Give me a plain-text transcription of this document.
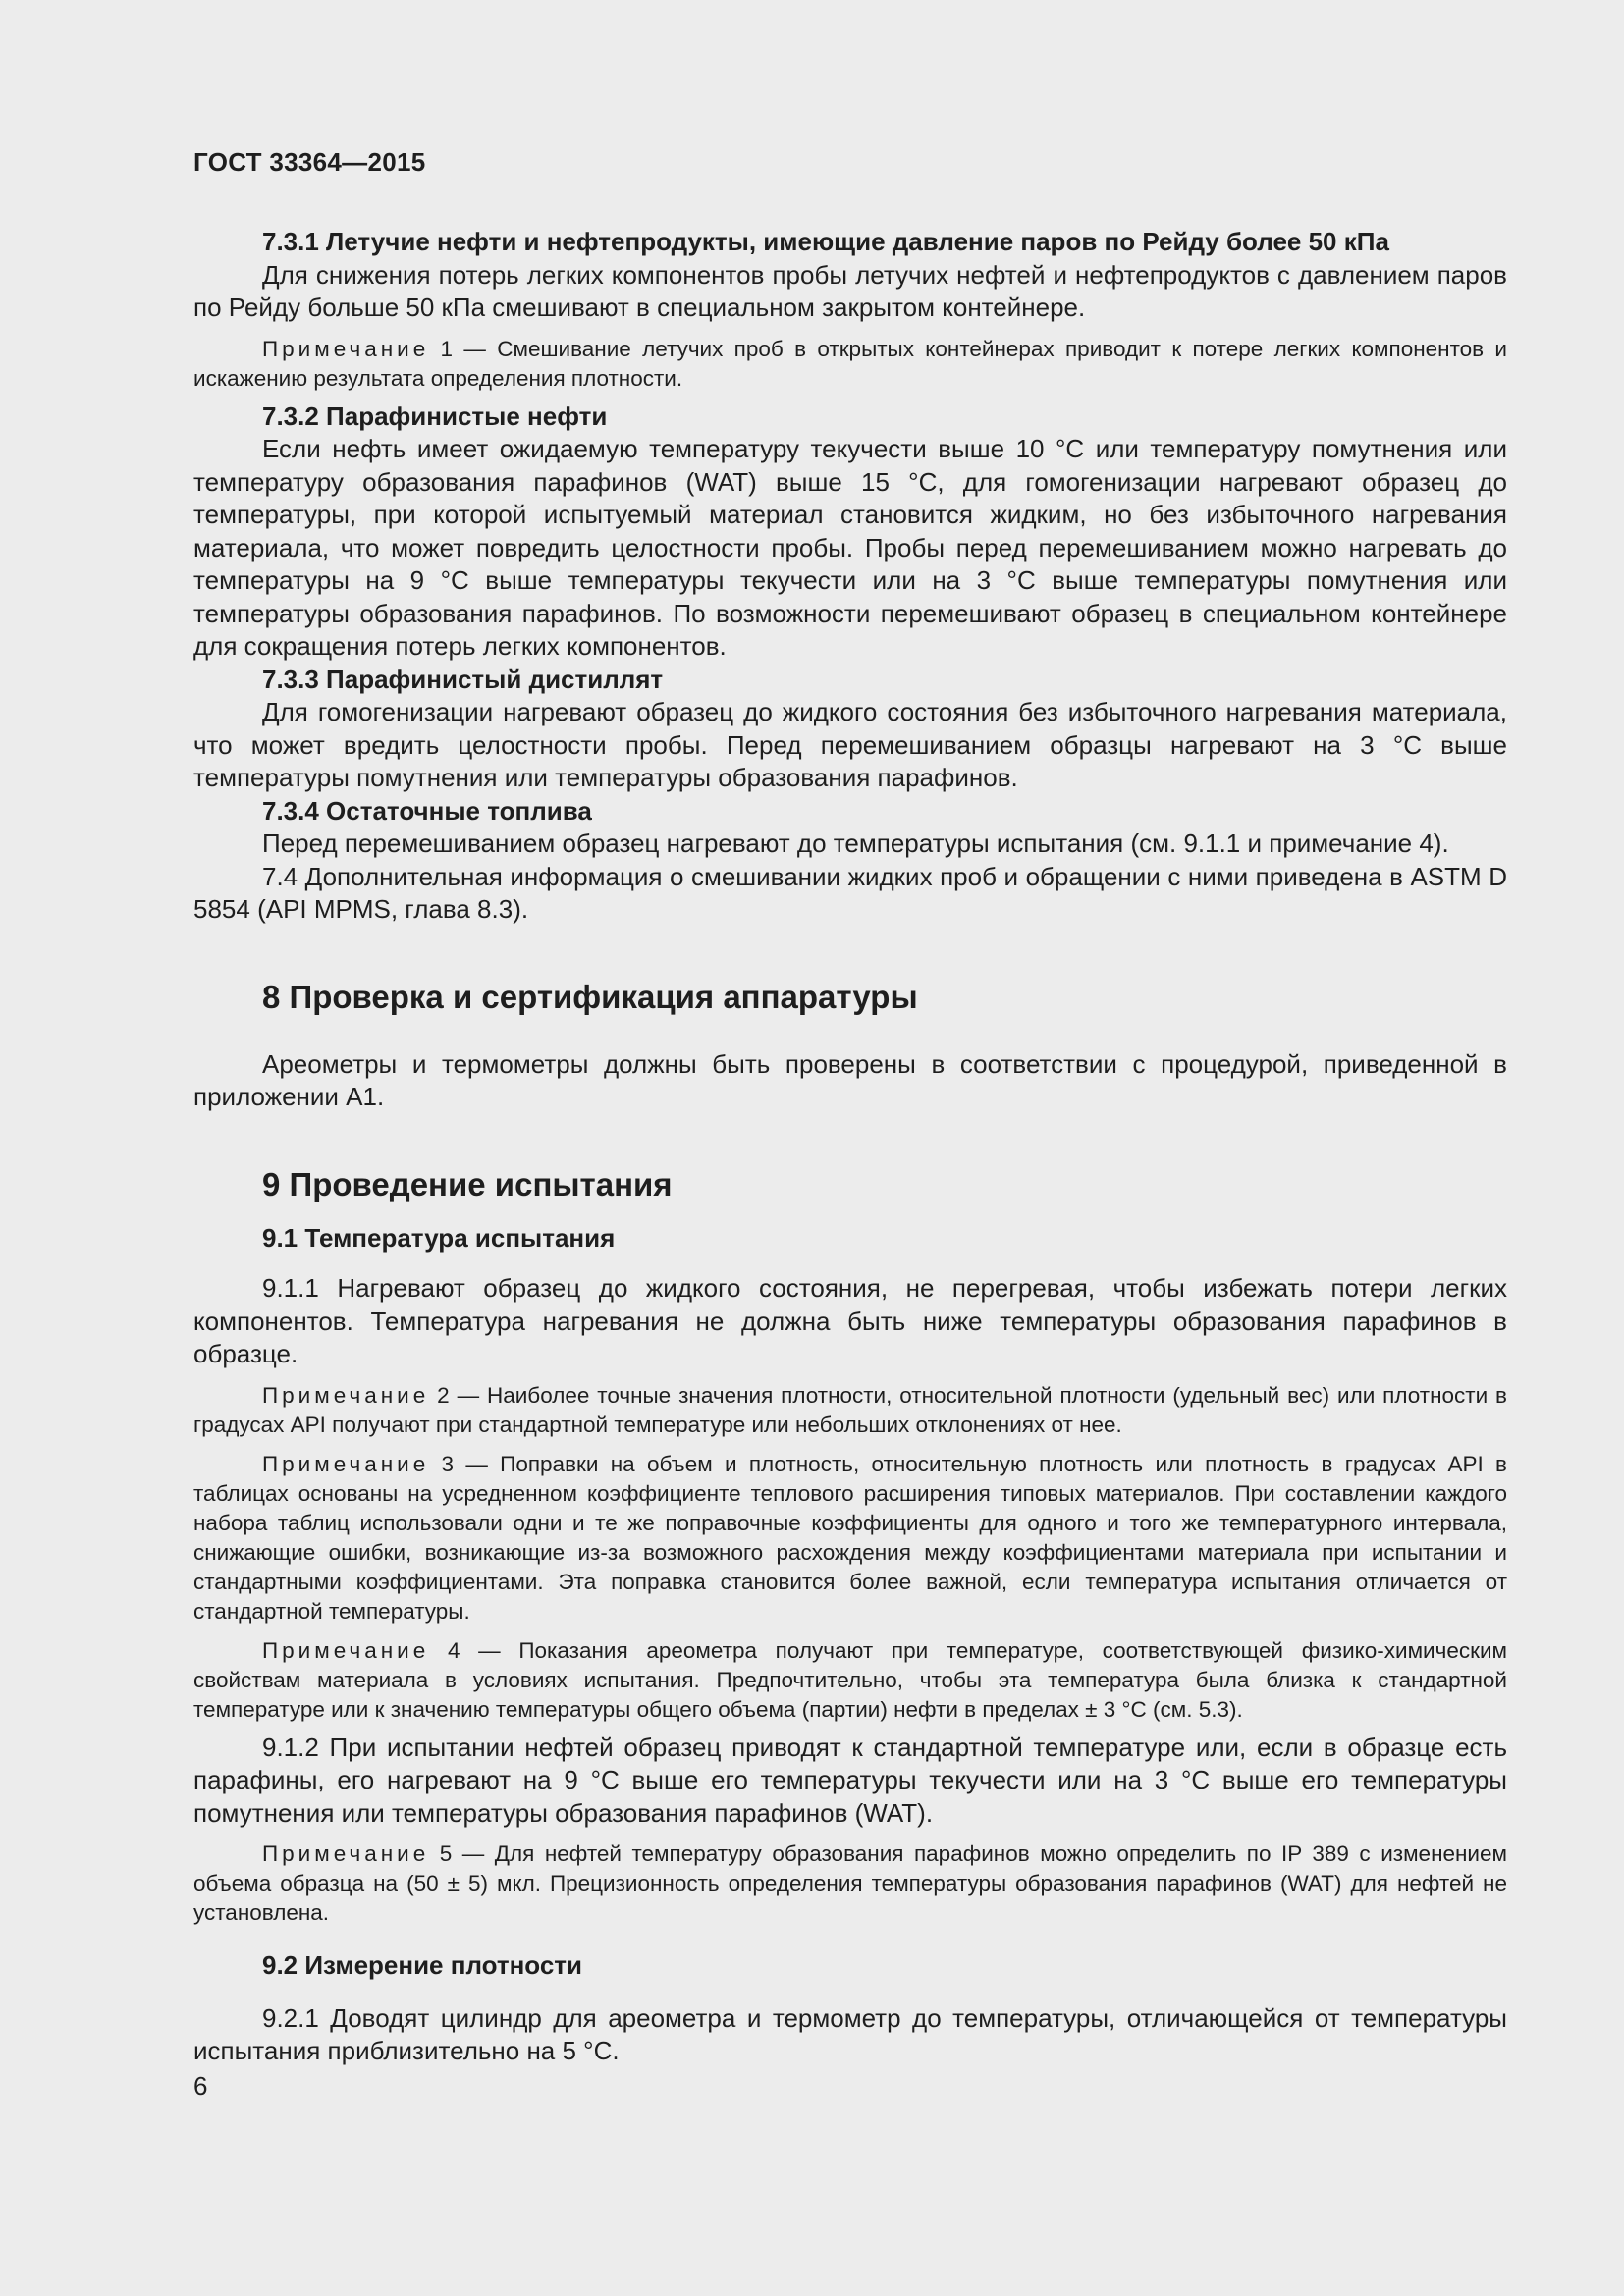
ГОСТ 33364—2015

7.3.1 Летучие нефти и нефтепродукты, имеющие давление паров по Рейду более 50 кПа

Для снижения потерь легких компонентов пробы летучих нефтей и нефтепродуктов с давлением паров по Рейду больше 50 кПа смешивают в специальном закрытом контейнере.

Примечание 1 — Смешивание летучих проб в открытых контейнерах приводит к потере легких компонентов и искажению результата определения плотности.

7.3.2 Парафинистые нефти

Если нефть имеет ожидаемую температуру текучести выше 10 °С или температуру помутнения или температуру образования парафинов (WAT) выше 15 °С, для гомогенизации нагревают образец до температуры, при которой испытуемый материал становится жидким, но без избыточного нагревания материала, что может повредить целостности пробы. Пробы перед перемешиванием можно нагревать до температуры на 9 °С выше температуры текучести или на 3 °С выше температуры помутнения или температуры образования парафинов. По возможности перемешивают образец в специальном контейнере для сокращения потерь легких компонентов.

7.3.3 Парафинистый дистиллят

Для гомогенизации нагревают образец до жидкого состояния без избыточного нагревания материала, что может вредить целостности пробы. Перед перемешиванием образцы нагревают на 3 °С выше температуры помутнения или температуры образования парафинов.

7.3.4 Остаточные топлива

Перед перемешиванием образец нагревают до температуры испытания (см. 9.1.1 и примечание 4).

7.4 Дополнительная информация о смешивании жидких проб и обращении с ними приведена в ASTM D 5854 (API MPMS, глава 8.3).

8 Проверка и сертификация аппаратуры

Ареометры и термометры должны быть проверены в соответствии с процедурой, приведенной в приложении А1.

9 Проведение испытания

9.1 Температура испытания

9.1.1 Нагревают образец до жидкого состояния, не перегревая, чтобы избежать потери легких компонентов. Температура нагревания не должна быть ниже температуры образования парафинов в образце.

Примечание 2 — Наиболее точные значения плотности, относительной плотности (удельный вес) или плотности в градусах API получают при стандартной температуре или небольших отклонениях от нее.

Примечание 3 — Поправки на объем и плотность, относительную плотность или плотность в градусах API в таблицах основаны на усредненном коэффициенте теплового расширения типовых материалов. При составлении каждого набора таблиц использовали одни и те же поправочные коэффициенты для одного и того же температурного интервала, снижающие ошибки, возникающие из-за возможного расхождения между коэффициентами материала при испытании и стандартными коэффициентами. Эта поправка становится более важной, если температура испытания отличается от стандартной температуры.

Примечание 4 — Показания ареометра получают при температуре, соответствующей физико-химическим свойствам материала в условиях испытания. Предпочтительно, чтобы эта температура была близка к стандартной температуре или к значению температуры общего объема (партии) нефти в пределах ± 3 °С (см. 5.3).

9.1.2 При испытании нефтей образец приводят к стандартной температуре или, если в образце есть парафины, его нагревают на 9 °С выше его температуры текучести или на 3 °С выше его температуры помутнения или температуры образования парафинов (WAT).

Примечание 5 — Для нефтей температуру образования парафинов можно определить по IP 389 с изменением объема образца на (50 ± 5) мкл. Прецизионность определения температуры образования парафинов (WAT) для нефтей не установлена.

9.2 Измерение плотности

9.2.1 Доводят цилиндр для ареометра и термометр до температуры, отличающейся от температуры испытания приблизительно на 5 °С.

6
